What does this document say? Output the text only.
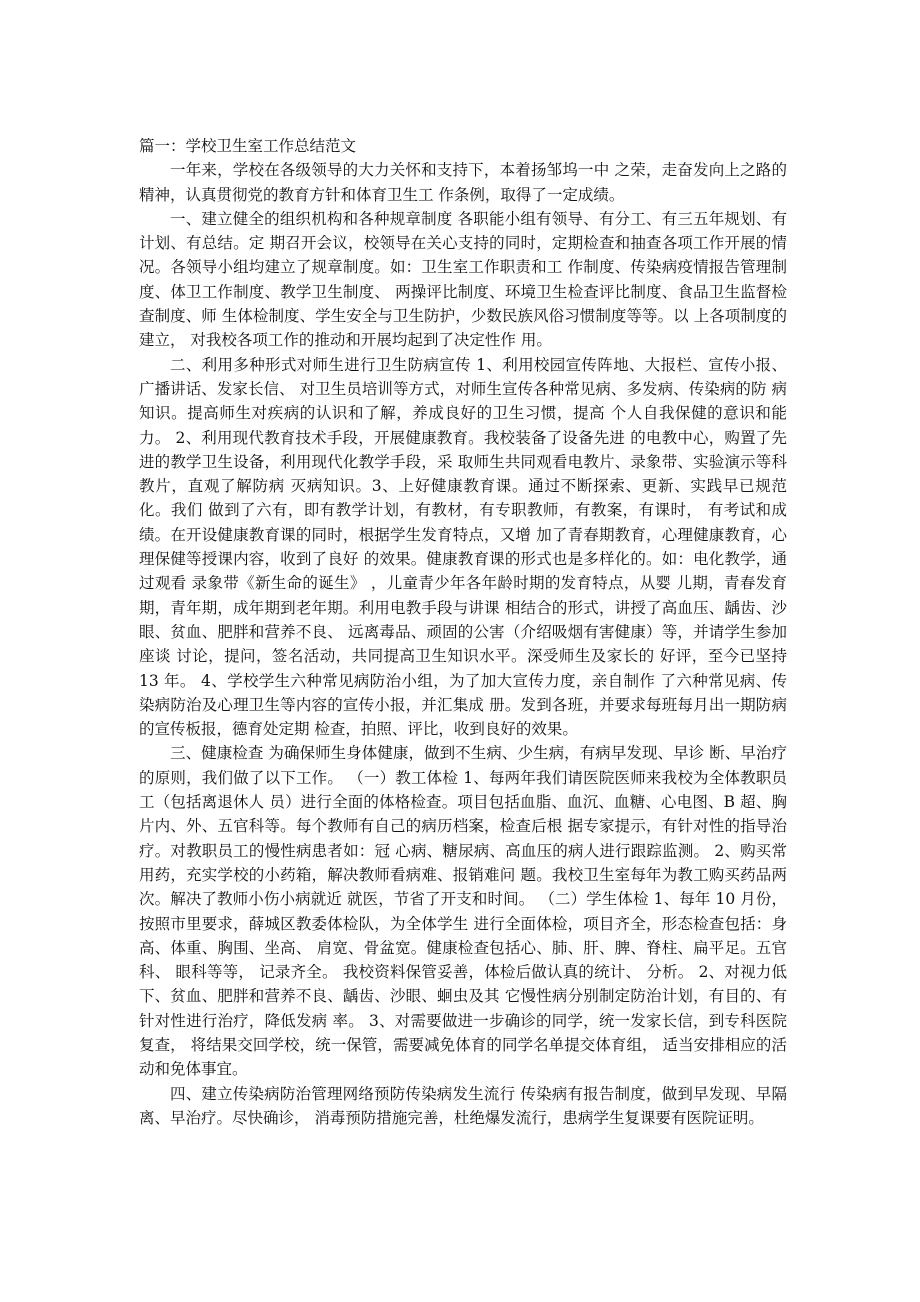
篇一：学校卫生室工作总结范文

一年来，学校在各级领导的大力关怀和支持下，本着扬邹坞一中 之荣，走奋发向上之路的精神，认真贯彻党的教育方针和体育卫生工 作条例，取得了一定成绩。

一、建立健全的组织机构和各种规章制度 各职能小组有领导、有分工、有三五年规划、有计划、有总结。定 期召开会议，校领导在关心支持的同时，定期检查和抽查各项工作开展的情况。各领导小组均建立了规章制度。如：卫生室工作职责和工 作制度、传染病疫情报告管理制度、体卫工作制度、教学卫生制度、 两操评比制度、环境卫生检查评比制度、食品卫生监督检查制度、师 生体检制度、学生安全与卫生防护，少数民族风俗习惯制度等等。以 上各项制度的建立， 对我校各项工作的推动和开展均起到了决定性作 用。

二、利用多种形式对师生进行卫生防病宣传 1、利用校园宣传阵地、大报栏、宣传小报、广播讲话、发家长信、 对卫生员培训等方式，对师生宣传各种常见病、多发病、传染病的防 病知识。提高师生对疾病的认识和了解，养成良好的卫生习惯，提高 个人自我保健的意识和能力。 2、利用现代教育技术手段，开展健康教育。我校装备了设备先进 的电教中心，购置了先进的教学卫生设备，利用现代化教学手段，采 取师生共同观看电教片、录象带、实验演示等科教片，直观了解防病 灭病知识。3、上好健康教育课。通过不断探索、更新、实践早已规范化。我们 做到了六有，即有教学计划，有教材，有专职教师，有教案，有课时， 有考试和成绩。在开设健康教育课的同时，根据学生发育特点，又增 加了青春期教育，心理健康教育，心理保健等授课内容，收到了良好 的效果。健康教育课的形式也是多样化的。如：电化教学，通过观看 录象带《新生命的诞生》 ，儿童青少年各年龄时期的发育特点，从婴 儿期，青春发育期，青年期，成年期到老年期。利用电教手段与讲课 相结合的形式，讲授了高血压、龋齿、沙眼、贫血、肥胖和营养不良、 远离毒品、顽固的公害（介绍吸烟有害健康）等，并请学生参加座谈 讨论，提问，签名活动，共同提高卫生知识水平。深受师生及家长的 好评，至今已坚持 13 年。 4、学校学生六种常见病防治小组，为了加大宣传力度，亲自制作 了六种常见病、传染病防治及心理卫生等内容的宣传小报，并汇集成 册。发到各班，并要求每班每月出一期防病的宣传板报，德育处定期 检查，拍照、评比，收到良好的效果。

三、健康检查 为确保师生身体健康，做到不生病、少生病，有病早发现、早诊 断、早治疗的原则，我们做了以下工作。 （一）教工体检 1、每两年我们请医院医师来我校为全体教职员工（包括离退休人 员）进行全面的体格检查。项目包括血脂、血沉、血糖、心电图、B 超、胸片内、外、五官科等。每个教师有自己的病历档案，检查后根 据专家提示，有针对性的指导治疗。对教职员工的慢性病患者如：冠 心病、糖尿病、高血压的病人进行跟踪监测。 2、购买常用药，充实学校的小药箱，解决教师看病难、报销难问 题。我校卫生室每年为教工购买药品两次。解决了教师小伤小病就近 就医，节省了开支和时间。 （二）学生体检 1、每年 10 月份，按照市里要求，薛城区教委体检队，为全体学生 进行全面体检，项目齐全，形态检查包括：身高、体重、胸围、坐高、 肩宽、骨盆宽。健康检查包括心、肺、肝、脾、脊柱、扁平足。五官 科、 眼科等等， 记录齐全。 我校资料保管妥善，体检后做认真的统计、 分析。 2、对视力低下、贫血、肥胖和营养不良、龋齿、沙眼、蛔虫及其 它慢性病分别制定防治计划，有目的、有针对性进行治疗，降低发病 率。 3、对需要做进一步确诊的同学，统一发家长信，到专科医院复查， 将结果交回学校，统一保管，需要减免体育的同学名单提交体育组， 适当安排相应的活动和免体事宜。

四、建立传染病防治管理网络预防传染病发生流行 传染病有报告制度，做到早发现、早隔离、早治疗。尽快确诊， 消毒预防措施完善，杜绝爆发流行，患病学生复课要有医院证明。
